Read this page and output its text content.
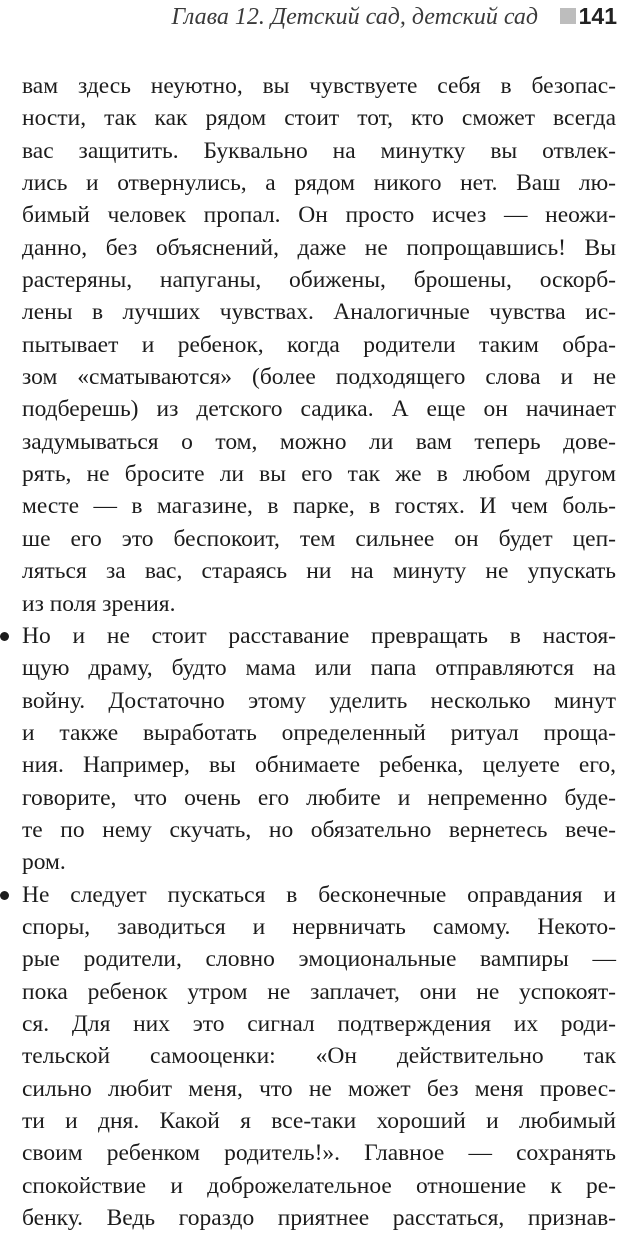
Глава 12. Детский сад, детский сад 141
вам здесь неуютно, вы чувствуете себя в безопас-
ности, так как рядом стоит тот, кто сможет всегда
вас защитить. Буквально на минутку вы отвлек-
лись и отвернулись, а рядом никого нет. Ваш лю-
бимый человек пропал. Он просто исчез — неожи-
данно, без объяснений, даже не попрощавшись! Вы
растеряны, напуганы, обижены, брошены, оскорб-
лены в лучших чувствах. Аналогичные чувства ис-
пытывает и ребенок, когда родители таким обра-
зом «сматываются» (более подходящего слова и не
подберешь) из детского садика. А еще он начинает
задумываться о том, можно ли вам теперь дове-
рять, не бросите ли вы его так же в любом другом
месте — в магазине, в парке, в гостях. И чем боль-
ше его это беспокоит, тем сильнее он будет цеп-
ляться за вас, стараясь ни на минуту не упускать
из поля зрения.
Но и не стоит расставание превращать в настоя-
щую драму, будто мама или папа отправляются на
войну. Достаточно этому уделить несколько минут
и также выработать определенный ритуал проща-
ния. Например, вы обнимаете ребенка, целуете его,
говорите, что очень его любите и непременно буде-
те по нему скучать, но обязательно вернетесь вече-
ром.
Не следует пускаться в бесконечные оправдания и
споры, заводиться и нервничать самому. Некото-
рые родители, словно эмоциональные вампиры —
пока ребенок утром не заплачет, они не успокоят-
ся. Для них это сигнал подтверждения их роди-
тельской самооценки: «Он действительно так
сильно любит меня, что не может без меня провес-
ти и дня. Какой я все-таки хороший и любимый
своим ребенком родитель!». Главное — сохранять
спокойствие и доброжелательное отношение к ре-
бенку. Ведь гораздо приятнее расстаться, признав-
